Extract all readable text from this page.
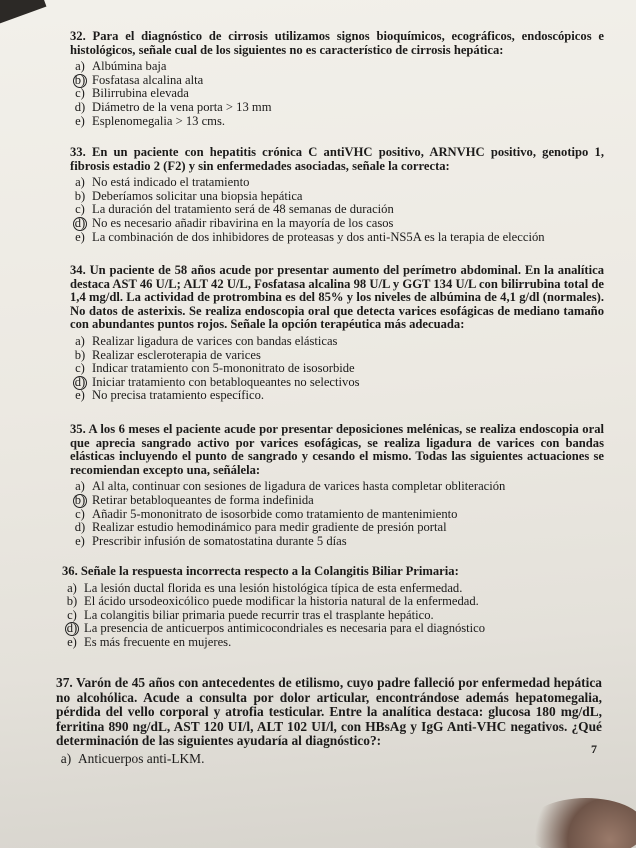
32. Para el diagnóstico de cirrosis utilizamos signos bioquímicos, ecográficos, endoscópicos e histológicos, señale cual de los siguientes no es característico de cirrosis hepática:

a) Albúmina baja

b) Fosfatasa alcalina alta

c) Bilirrubina elevada

d) Diámetro de la vena porta > 13 mm

e) Esplenomegalia > 13 cms.

33. En un paciente con hepatitis crónica C antiVHC positivo, ARNVHC positivo, genotipo 1, fibrosis estadio 2 (F2) y sin enfermedades asociadas, señale la correcta:

a) No está indicado el tratamiento

b) Deberíamos solicitar una biopsia hepática

c) La duración del tratamiento será de 48 semanas de duración

d) No es necesario añadir ribavirina en la mayoría de los casos

e) La combinación de dos inhibidores de proteasas y dos anti-NS5A es la terapia de elección

34. Un paciente de 58 años acude por presentar aumento del perímetro abdominal. En la analítica destaca AST 46 U/L; ALT 42 U/L, Fosfatasa alcalina 98 U/L y GGT 134 U/L con bilirrubina total de 1,4 mg/dl. La actividad de protrombina es del 85% y los niveles de albúmina de 4,1 g/dl (normales). No datos de asterixis. Se realiza endoscopia oral que detecta varices esofágicas de mediano tamaño con abundantes puntos rojos. Señale la opción terapéutica más adecuada:

a) Realizar ligadura de varices con bandas elásticas

b) Realizar escleroterapia de varices

c) Indicar tratamiento con 5-mononitrato de isosorbide

d) Iniciar tratamiento con betabloqueantes no selectivos

e) No precisa tratamiento específico.

35. A los 6 meses el paciente acude por presentar deposiciones melénicas, se realiza endoscopia oral que aprecia sangrado activo por varices esofágicas, se realiza ligadura de varices con bandas elásticas incluyendo el punto de sangrado y cesando el mismo. Todas las siguientes actuaciones se recomiendan excepto una, señálela:

a) Al alta, continuar con sesiones de ligadura de varices hasta completar obliteración

b) Retirar betabloqueantes de forma indefinida

c) Añadir 5-mononitrato de isosorbide como tratamiento de mantenimiento

d) Realizar estudio hemodinámico para medir gradiente de presión portal

e) Prescribir infusión de somatostatina durante 5 días

36. Señale la respuesta incorrecta respecto a la Colangitis Biliar Primaria:

a) La lesión ductal florida es una lesión histológica típica de esta enfermedad.

b) El ácido ursodeoxicólico puede modificar la historia natural de la enfermedad.

c) La colangitis biliar primaria puede recurrir tras el trasplante hepático.

d) La presencia de anticuerpos antimicocondriales es necesaria para el diagnóstico

e) Es más frecuente en mujeres.

37. Varón de 45 años con antecedentes de etilismo, cuyo padre falleció por enfermedad hepática no alcohólica. Acude a consulta por dolor articular, encontrándose además hepatomegalia, pérdida del vello corporal y atrofia testicular. Entre la analítica destaca: glucosa 180 mg/dL, ferritina 890 ng/dL, AST 120 UI/l, ALT 102 UI/l, con HBsAg y IgG Anti-VHC negativos. ¿Qué determinación de las siguientes ayudaría al diagnóstico?:

a) Anticuerpos anti-LKM.

7
